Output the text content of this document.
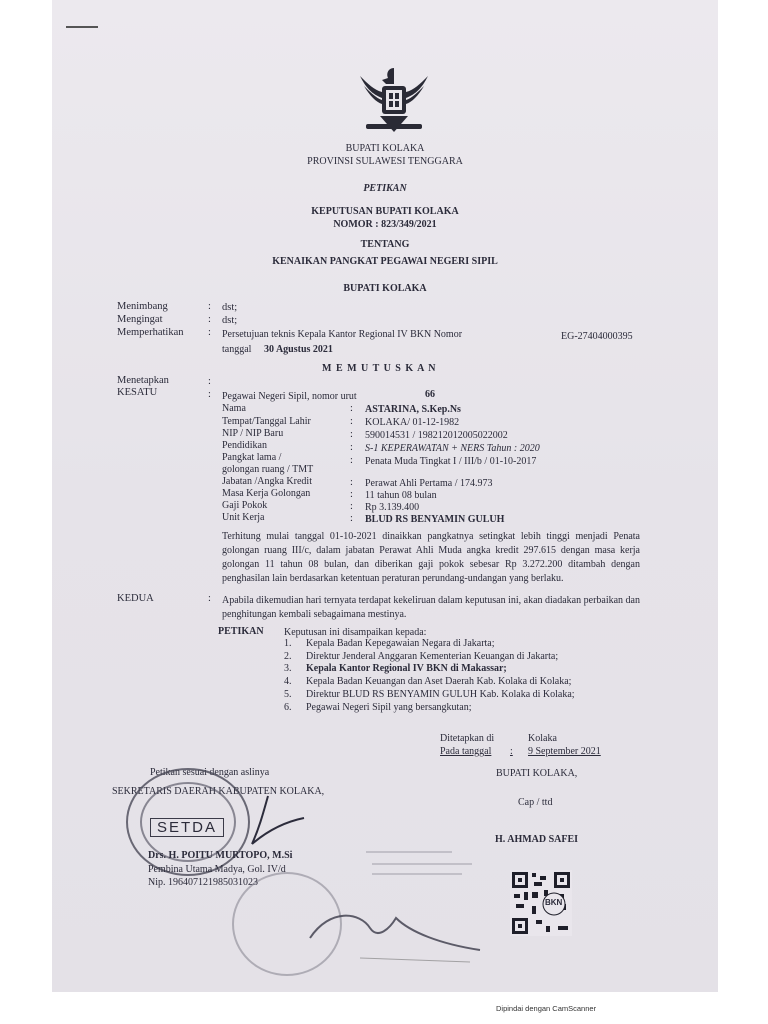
BUPATI KOLAKA
PROVINSI SULAWESI TENGGARA
PETIKAN
KEPUTUSAN BUPATI KOLAKA
NOMOR : 823/349/2021
TENTANG
KENAIKAN PANGKAT PEGAWAI NEGERI SIPIL
BUPATI KOLAKA
Menimbang	: dst;
Mengingat	: dst;
Memperhatikan : Persetujuan teknis Kepala Kantor Regional IV BKN Nomor	EG-27404000395
tanggal 30 Agustus 2021
M E M U T U S K A N
Menetapkan	:
KESATU	: Pegawai Negeri Sipil, nomor urut	66
Nama	: ASTARINA, S.Kep.Ns
Tempat/Tanggal Lahir	: KOLAKA/ 01-12-1982
NIP / NIP Baru	: 590014531 / 198212012005022002
Pendidikan	: S-1 KEPERAWATAN + NERS Tahun : 2020
Pangkat lama /	: Penata Muda Tingkat I / III/b / 01-10-2017
golongan ruang / TMT
Jabatan /Angka Kredit	: Perawat Ahli Pertama / 174.973
Masa Kerja Golongan	: 11 tahun 08 bulan
Gaji Pokok	: Rp 3.139.400
Unit Kerja	: BLUD RS BENYAMIN GULUH
Terhitung mulai tanggal 01-10-2021 dinaikkan pangkatnya setingkat lebih tinggi menjadi Penata golongan ruang III/c, dalam jabatan Perawat Ahli Muda angka kredit 297.615 dengan masa kerja golongan 11 tahun 08 bulan, dan diberikan gaji pokok sebesar Rp 3.272.200 ditambah dengan penghasilan lain berdasarkan ketentuan peraturan perundang-undangan yang berlaku.
KEDUA	: Apabila dikemudian hari ternyata terdapat kekeliruan dalam keputusan ini, akan diadakan perbaikan dan penghitungan kembali sebagaimana mestinya.
PETIKAN Keputusan ini disampaikan kepada:
1.	Kepala Badan Kepegawaian Negara di Jakarta;
2.	Direktur Jenderal Anggaran Kementerian Keuangan di Jakarta;
3.	Kepala Kantor Regional IV BKN di Makassar;
4.	Kepala Badan Keuangan dan Aset Daerah Kab. Kolaka di Kolaka;
5.	Direktur BLUD RS BENYAMIN GULUH Kab. Kolaka di Kolaka;
6.	Pegawai Negeri Sipil yang bersangkutan;
Ditetapkan di	Kolaka
Pada tanggal : 9 September 2021
BUPATI KOLAKA,
Cap / ttd
H. AHMAD SAFEI
Petikan sesuai dengan aslinya
SEKRETARIS DAERAH KABUPATEN KOLAKA,
SETDA
Drs. H. POITU MURTOPO, M.Si
Pembina Utama Madya, Gol. IV/d
Nip. 196407121985031023
BKN
Dipindai dengan CamScanner
